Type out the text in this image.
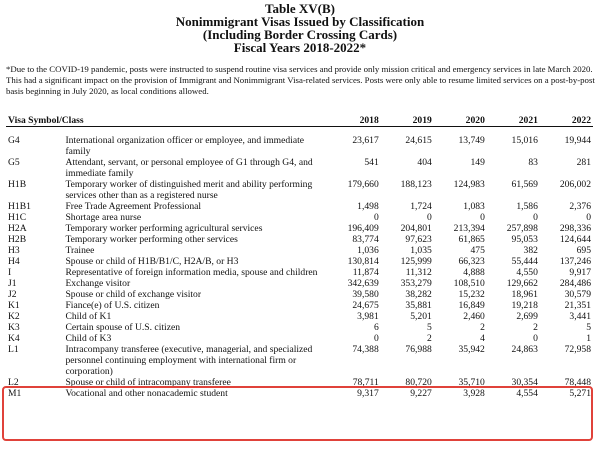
Table XV(B)
Nonimmigrant Visas Issued by Classification
(Including Border Crossing Cards)
Fiscal Years 2018-2022*
*Due to the COVID-19 pandemic, posts were instructed to suspend routine visa services and provide only mission critical and emergency services in late March 2020. This had a significant impact on the provision of Immigrant and Nonimmigrant Visa-related services. Posts were only able to resume limited services on a post-by-post basis beginning in July 2020, as local conditions allowed.
Visa Symbol/Class		2018	2019	2020	2021	2022
G4	International organization officer or employee, and immediate family	23,617	24,615	13,749	15,016	19,944
G5	Attendant, servant, or personal employee of G1 through G4, and immediate family	541	404	149	83	281
H1B	Temporary worker of distinguished merit and ability performing services other than as a registered nurse	179,660	188,123	124,983	61,569	206,002
H1B1	Free Trade Agreement Professional	1,498	1,724	1,083	1,586	2,376
H1C	Shortage area nurse	0	0	0	0	0
H2A	Temporary worker performing agricultural services	196,409	204,801	213,394	257,898	298,336
H2B	Temporary worker performing other services	83,774	97,623	61,865	95,053	124,644
H3	Trainee	1,036	1,035	475	382	695
H4	Spouse or child of H1B/B1/C, H2A/B, or H3	130,814	125,999	66,323	55,444	137,246
I	Representative of foreign information media, spouse and children	11,874	11,312	4,888	4,550	9,917
J1	Exchange visitor	342,639	353,279	108,510	129,662	284,486
J2	Spouse or child of exchange visitor	39,580	38,282	15,232	18,961	30,579
K1	Fiance(e) of U.S. citizen	24,675	35,881	16,849	19,218	21,351
K2	Child of K1	3,981	5,201	2,460	2,699	3,441
K3	Certain spouse of U.S. citizen	6	5	2	2	5
K4	Child of K3	0	2	4	0	1
L1	Intracompany transferee (executive, managerial, and specialized personnel continuing employment with international firm or corporation)	74,388	76,988	35,942	24,863	72,958
L2	Spouse or child of intracompany transferee	78,711	80,720	35,710	30,354	78,448
M1	Vocational and other nonacademic student	9,317	9,227	3,928	4,554	5,271
